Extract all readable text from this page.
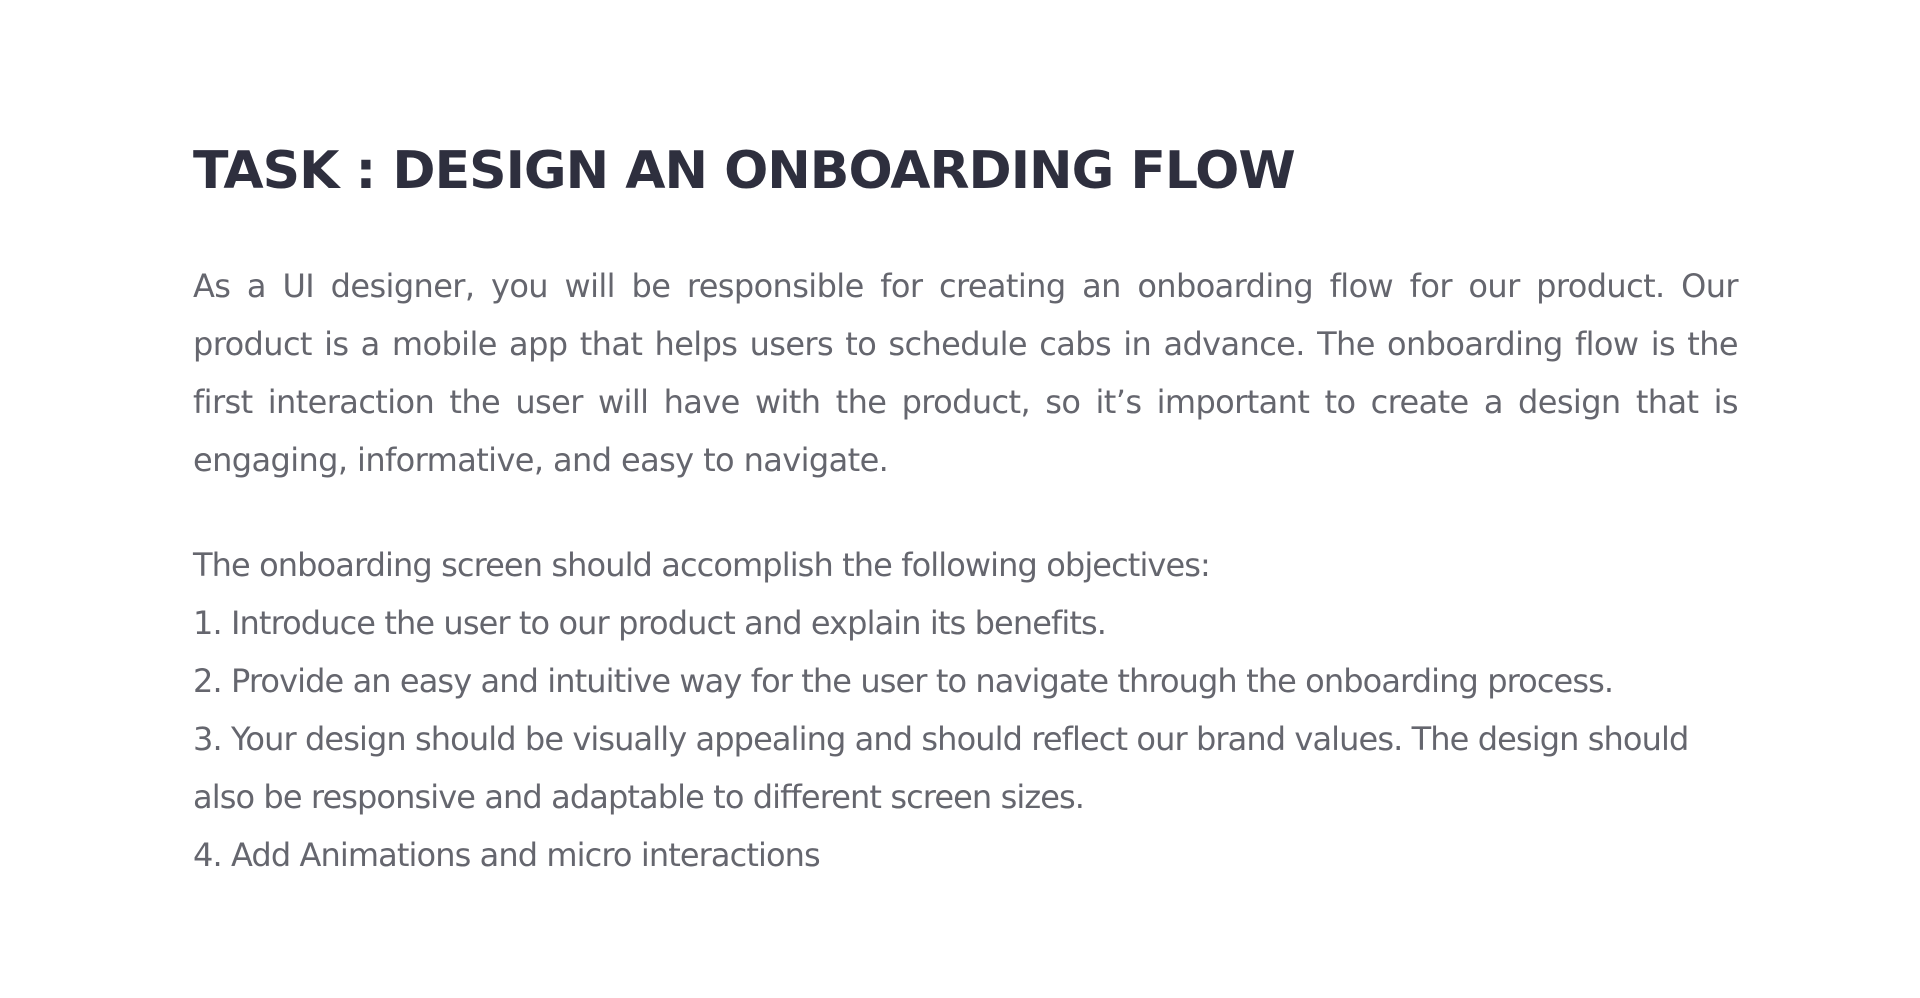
TASK : DESIGN AN ONBOARDING FLOW

As a UI designer, you will be responsible for creating an onboarding flow for our product. Our product is a mobile app that helps users to schedule cabs in advance. The onboarding flow is the first interaction the user will have with the product, so it’s important to create a design that is engaging, informative, and easy to navigate.

The onboarding screen should accomplish the following objectives:
1. Introduce the user to our product and explain its benefits.
2. Provide an easy and intuitive way for the user to navigate through the onboarding process.
3. Your design should be visually appealing and should reflect our brand values. The design should also be responsive and adaptable to different screen sizes.
4. Add Animations and micro interactions
